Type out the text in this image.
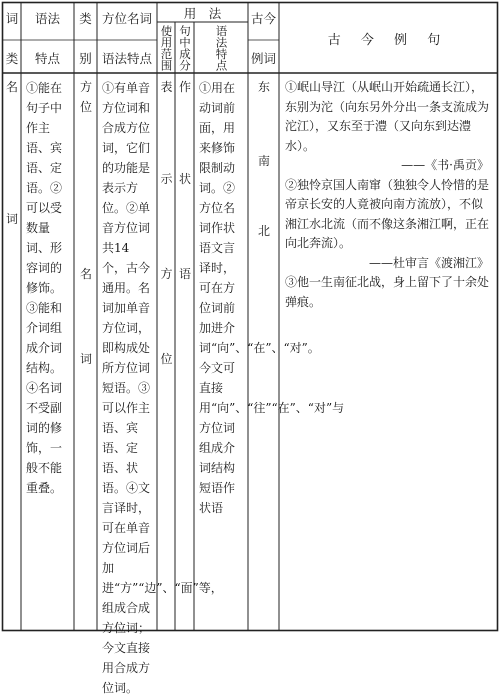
词
类
语法
特点
类
别
方位名词
语法特点
用　法
使用范围 句中成分 语法特点
古今
例词
古 今 例 句
名
词
①能在句子中作主语、宾语、定语。②可以受数量词、形容词的修饰。③能和介词组成介词结构。④名词不受副词的修饰，一般不能重叠。
方
位
名
词
①有单音方位词和合成方位词，它们的功能是表示方位。②单音方位词共14个，古今通用。名词加单音方位词，即构成处所方位词短语。③可以作主语、宾语、定语、状语。④文言译时，可在单音方位词后加进“方”“边”、“面”等，组成合成方位词；今文直接用合成方位词。
表
示
方
位
作
状
语
①用在动词前面，用来修饰限制动词。②方位名词作状语文言译时，可在方位词前加进介词“向”、“在”、“对”。今文可直接用“向”、“往”“在”、“对”与方位词组成介词结构短语作状语
东
南
北

①岷山导江（从岷山开始疏通长江），东别为沱（向东另外分出一条支流成为沱江），又东至于澧（又向东到达澧水）。

——《书·禹贡》

②独怜京国人南窜（独独令人怜惜的是帝京长安的人竟被向南方流放），不似湘江水北流（而不像这条湘江啊，正在向北奔流）。

——杜审言《渡湘江》

③他一生南征北战，身上留下了十余处弹痕。
